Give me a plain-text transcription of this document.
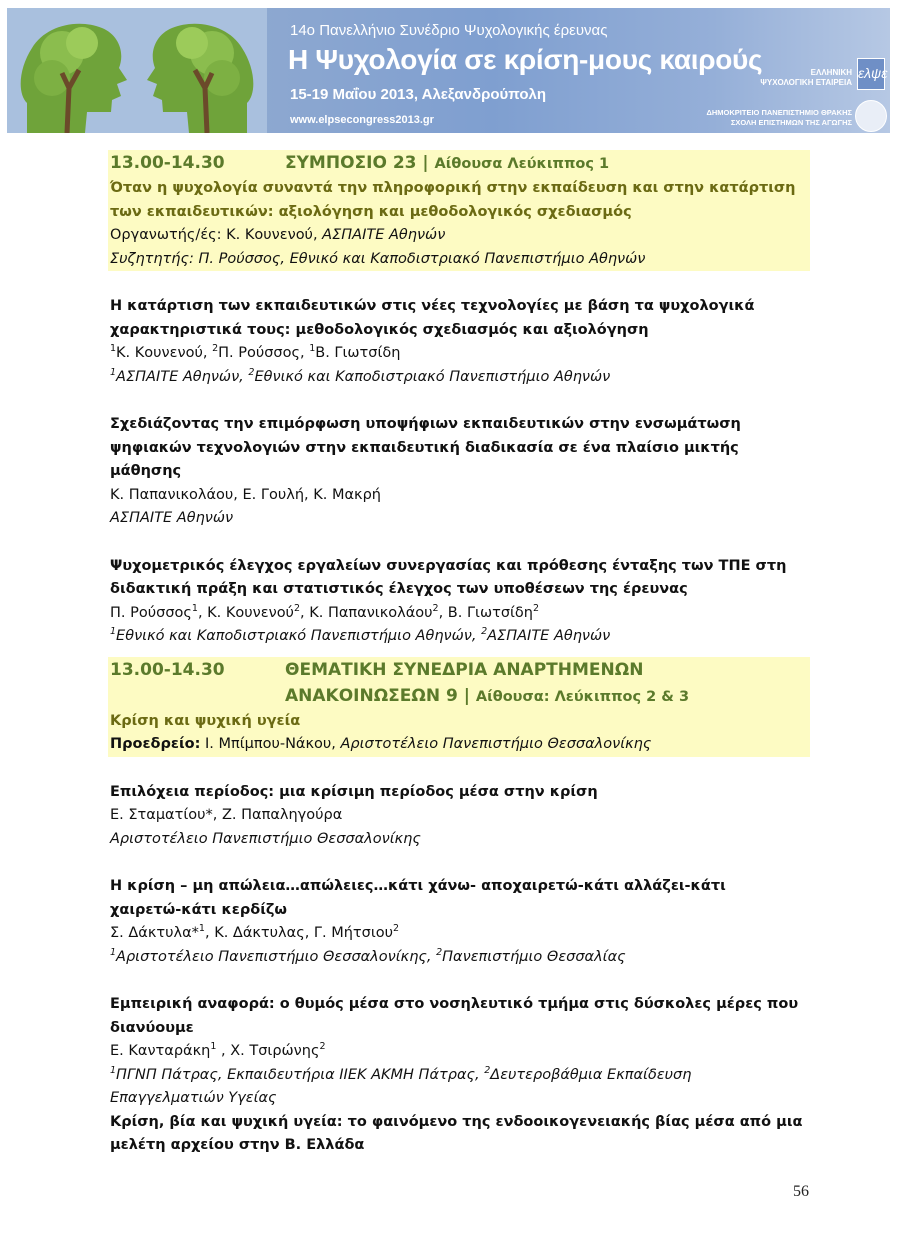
14ο Πανελλήνιο Συνέδριο Ψυχολογικής έρευνας
Η Ψυχολογία σε κρίση-μους καιρούς
15-19 Μαΐου 2013, Αλεξανδρούπολη
www.elpsecongress2013.gr
ΕΛΛΗΝΙΚΗ
ΨΥΧΟΛΟΓΙΚΗ ΕΤΑΙΡΕΙΑ
ελψε
ΔΗΜΟΚΡΙΤΕΙΟ ΠΑΝΕΠΙΣΤΗΜΙΟ ΘΡΑΚΗΣ
ΣΧΟΛΗ ΕΠΙΣΤΗΜΩΝ ΤΗΣ ΑΓΩΓΗΣ
13.00-14.30	ΣΥΜΠΟΣΙΟ 23 | Αίθουσα Λεύκιππος 1
Όταν η ψυχολογία συναντά την πληροφορική στην εκπαίδευση και στην κατάρτιση
των εκπαιδευτικών: αξιολόγηση και μεθοδολογικός σχεδιασμός
Οργανωτής/ές: Κ. Κουνενού, ΑΣΠΑΙΤΕ Αθηνών
Συζητητής: Π. Ρούσσος, Εθνικό και Καποδιστριακό Πανεπιστήμιο Αθηνών
Η κατάρτιση των εκπαιδευτικών στις νέες τεχνολογίες με βάση τα ψυχολογικά
χαρακτηριστικά τους: μεθοδολογικός σχεδιασμός και αξιολόγηση
$^1$Κ. Κουνενού, $^2$Π. Ρούσσος, $^1$Β. Γιωτσίδη
$^1$ΑΣΠΑΙΤΕ Αθηνών, $^2$Εθνικό και Καποδιστριακό Πανεπιστήμιο Αθηνών
Σχεδιάζοντας την επιμόρφωση υποψήφιων εκπαιδευτικών στην ενσωμάτωση
ψηφιακών τεχνολογιών στην εκπαιδευτική διαδικασία σε ένα πλαίσιο μικτής
μάθησης
Κ. Παπανικολάου, Ε. Γουλή, Κ. Μακρή
ΑΣΠΑΙΤΕ Αθηνών
Ψυχομετρικός έλεγχος εργαλείων συνεργασίας και πρόθεσης ένταξης των ΤΠΕ στη
διδακτική πράξη και στατιστικός έλεγχος των υποθέσεων της έρευνας
Π. Ρούσσος$^1$, Κ. Κουνενού$^2$, Κ. Παπανικολάου$^2$, Β. Γιωτσίδη$^2$
$^1$Εθνικό και Καποδιστριακό Πανεπιστήμιο Αθηνών, $^2$ΑΣΠΑΙΤΕ Αθηνών
13.00-14.30	ΘΕΜΑΤΙΚΗ ΣΥΝΕΔΡΙΑ ΑΝΑΡΤΗΜΕΝΩΝ
ΑΝΑΚΟΙΝΩΣΕΩΝ 9 | Αίθουσα: Λεύκιππος 2 & 3
Κρίση και ψυχική υγεία
Προεδρείο: Ι. Μπίμπου-Νάκου, Αριστοτέλειο Πανεπιστήμιο Θεσσαλονίκης
Επιλόχεια περίοδος: μια κρίσιμη περίοδος μέσα στην κρίση
Ε. Σταματίου*, Ζ. Παπαληγούρα
Αριστοτέλειο Πανεπιστήμιο Θεσσαλονίκης
Η κρίση – μη απώλεια…απώλειες…κάτι χάνω- αποχαιρετώ-κάτι αλλάζει-κάτι
χαιρετώ-κάτι κερδίζω
Σ. Δάκτυλα*$^1$, Κ. Δάκτυλας, Γ. Μήτσιου$^2$
$^1$Αριστοτέλειο Πανεπιστήμιο Θεσσαλονίκης, $^2$Πανεπιστήμιο Θεσσαλίας
Εμπειρική αναφορά: ο θυμός μέσα στο νοσηλευτικό τμήμα στις δύσκολες μέρες που
διανύουμε
Ε. Κανταράκη$^1$ , Χ. Τσιρώνης$^2$
$^1$ΠΓΝΠ Πάτρας, Εκπαιδευτήρια ΙΙΕΚ ΑΚΜΗ Πάτρας, $^2$Δευτεροβάθμια Εκπαίδευση
Επαγγελματιών Υγείας
Κρίση, βία και ψυχική υγεία: το φαινόμενο της ενδοοικογενειακής βίας μέσα από μια
μελέτη αρχείου στην Β. Ελλάδα
56
